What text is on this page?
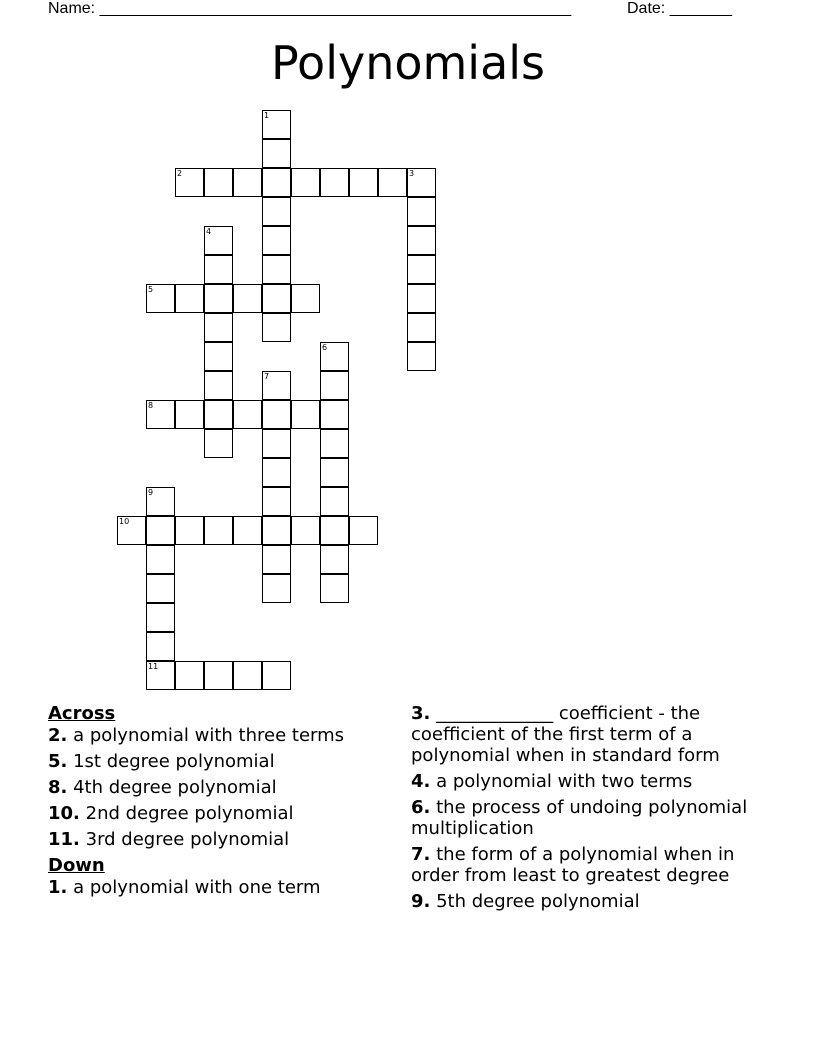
Name: _____________________________________________________	Date: _______
Polynomials
1
2	3
4
5
6
7
8
9
11
10
Across
2. a polynomial with three terms
5. 1st degree polynomial
8. 4th degree polynomial
10. 2nd degree polynomial
11. 3rd degree polynomial
Down
1. a polynomial with one term
3. _____________ coefficient - the coefficient of the first term of a polynomial when in standard form
4. a polynomial with two terms
6. the process of undoing polynomial multiplication
7. the form of a polynomial when in order from least to greatest degree
9. 5th degree polynomial
